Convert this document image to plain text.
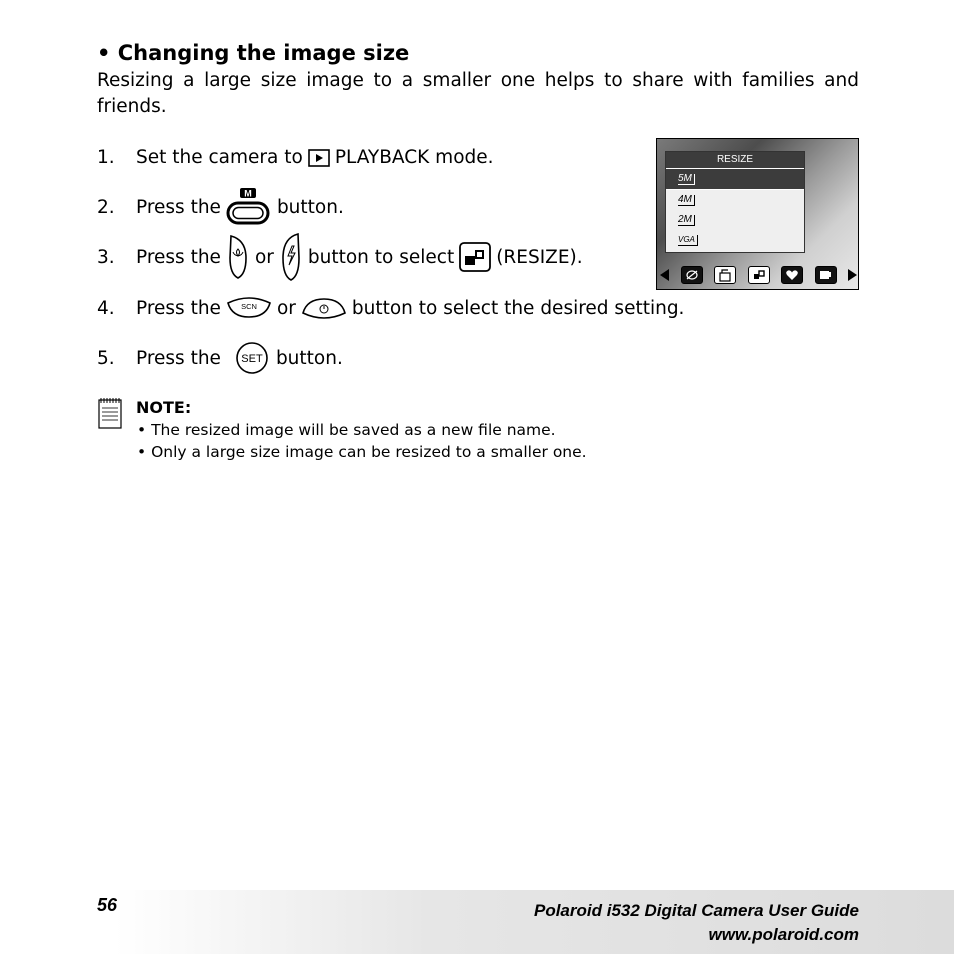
• Changing the image size
Resizing a large size image to a smaller one helps to share with families and friends.
1.	Set the camera to PLAYBACK mode.
2.	Press the
M
button.
3.	Press the or button to select (RESIZE).
4.	Press the	SCN or	button to select the desired setting.
5.	Press the SET button.
RESIZE
5M
4M
2M
VGA
NOTE:
• The resized image will be saved as a new file name.
• Only a large size image can be resized to a smaller one.
56	Polaroid i532 Digital Camera User Guide
www.polaroid.com
